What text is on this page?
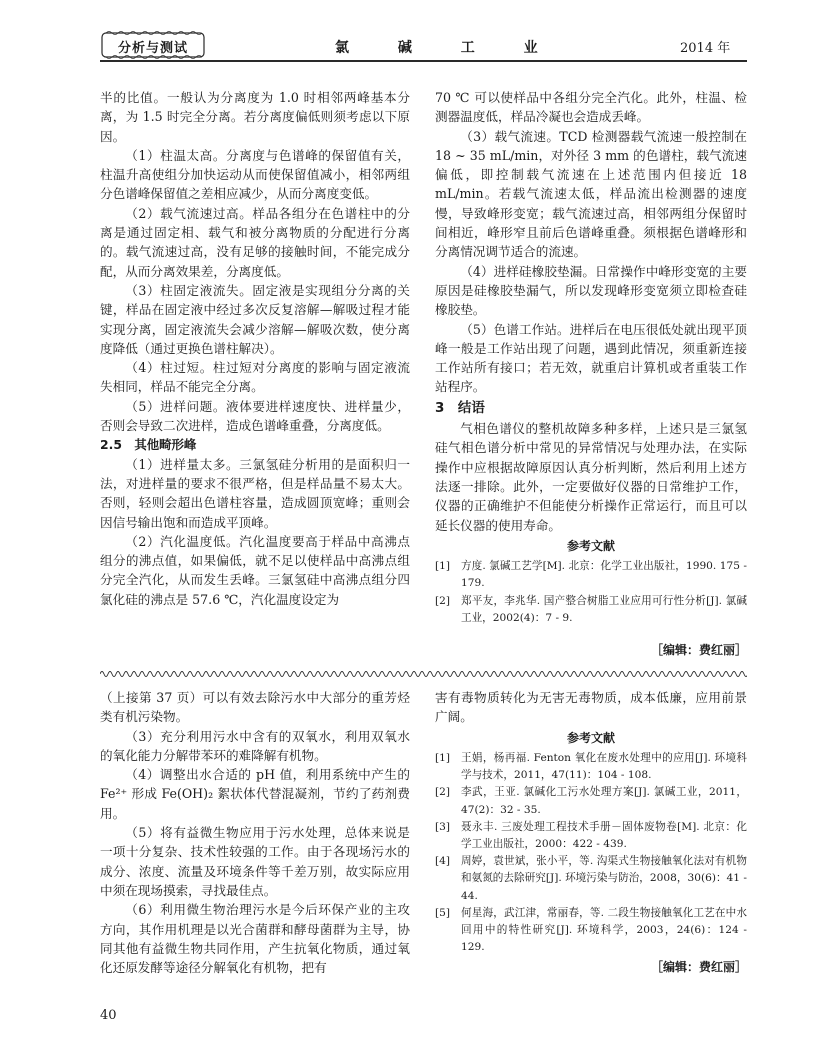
分析与测试	氯 碱 工 业	2014 年

半的比值。一般认为分离度为 1.0 时相邻两峰基本分离，为 1.5 时完全分离。若分离度偏低则须考虑以下原因。

（1）柱温太高。分离度与色谱峰的保留值有关，柱温升高使组分加快运动从而使保留值减小，相邻两组分色谱峰保留值之差相应减少，从而分离度变低。

（2）载气流速过高。样品各组分在色谱柱中的分离是通过固定相、载气和被分离物质的分配进行分离的。载气流速过高，没有足够的接触时间，不能完成分配，从而分离效果差，分离度低。

（3）柱固定液流失。固定液是实现组分分离的关键，样品在固定液中经过多次反复溶解—解吸过程才能实现分离，固定液流失会减少溶解—解吸次数，使分离度降低（通过更换色谱柱解决）。

（4）柱过短。柱过短对分离度的影响与固定液流失相同，样品不能完全分离。

（5）进样问题。液体要进样速度快、进样量少，否则会导致二次进样，造成色谱峰重叠，分离度低。

2.5　其他畸形峰

（1）进样量太多。三氯氢硅分析用的是面积归一法，对进样量的要求不很严格，但是样品量不易太大。否则，轻则会超出色谱柱容量，造成圆顶宽峰；重则会因信号输出饱和而造成平顶峰。

（2）汽化温度低。汽化温度要高于样品中高沸点组分的沸点值，如果偏低，就不足以使样品中高沸点组分完全汽化，从而发生丢峰。三氯氢硅中高沸点组分四氯化硅的沸点是 57.6 ℃，汽化温度设定为

70 ℃ 可以使样品中各组分完全汽化。此外，柱温、检测器温度低，样品冷凝也会造成丢峰。

（3）载气流速。TCD 检测器载气流速一般控制在 18 ~ 35 mL/min，对外径 3 mm 的色谱柱，载气流速偏低，即控制载气流速在上述范围内但接近 18 mL/min。若载气流速太低，样品流出检测器的速度慢，导致峰形变宽；载气流速过高，相邻两组分保留时间相近，峰形窄且前后色谱峰重叠。须根据色谱峰形和分离情况调节适合的流速。

（4）进样硅橡胶垫漏。日常操作中峰形变宽的主要原因是硅橡胶垫漏气，所以发现峰形变宽须立即检查硅橡胶垫。

（5）色谱工作站。进样后在电压很低处就出现平顶峰一般是工作站出现了问题，遇到此情况，须重新连接工作站所有接口；若无效，就重启计算机或者重装工作站程序。

3　结语

气相色谱仪的整机故障多种多样，上述只是三氯氢硅气相色谱分析中常见的异常情况与处理办法，在实际操作中应根据故障原因认真分析判断，然后利用上述方法逐一排除。此外，一定要做好仪器的日常维护工作，仪器的正确维护不但能使分析操作正常运行，而且可以延长仪器的使用寿命。

参考文献

[1] 方度. 氯碱工艺学[M]. 北京：化学工业出版社，1990. 175 - 179.
[2] 郑平友，李兆华. 国产整合树脂工业应用可行性分析[J]. 氯碱工业，2002(4)：7 - 9.
［编辑：费红丽］

（上接第 37 页）可以有效去除污水中大部分的重芳烃类有机污染物。

（3）充分利用污水中含有的双氧水，利用双氧水的氧化能力分解带苯环的难降解有机物。

（4）调整出水合适的 pH 值，利用系统中产生的 Fe²⁺ 形成 Fe(OH)₂ 絮状体代替混凝剂，节约了药剂费用。

（5）将有益微生物应用于污水处理，总体来说是一项十分复杂、技术性较强的工作。由于各现场污水的成分、浓度、流量及环境条件等千差万别，故实际应用中须在现场摸索，寻找最佳点。

（6）利用微生物治理污水是今后环保产业的主攻方向，其作用机理是以光合菌群和酵母菌群为主导，协同其他有益微生物共同作用，产生抗氧化物质，通过氧化还原发酵等途径分解氧化有机物，把有

害有毒物质转化为无害无毒物质，成本低廉，应用前景广阔。

参考文献

[1] 王娟，杨再福. Fenton 氧化在废水处理中的应用[J]. 环境科学与技术，2011，47(11)：104 - 108.
[2] 李武，王亚. 氯碱化工污水处理方案[J]. 氯碱工业，2011，47(2)：32 - 35.
[3] 聂永丰. 三废处理工程技术手册－固体废物卷[M]. 北京：化学工业出版社，2000：422 - 439.
[4] 周婷，袁世斌，张小平，等. 沟渠式生物接触氧化法对有机物和氨氮的去除研究[J]. 环境污染与防治，2008，30(6)：41 - 44.
[5] 何星海，武江津，常丽春，等. 二段生物接触氧化工艺在中水回用中的特性研究[J]. 环境科学，2003，24(6)：124 - 129.

［编辑：费红丽］

40
